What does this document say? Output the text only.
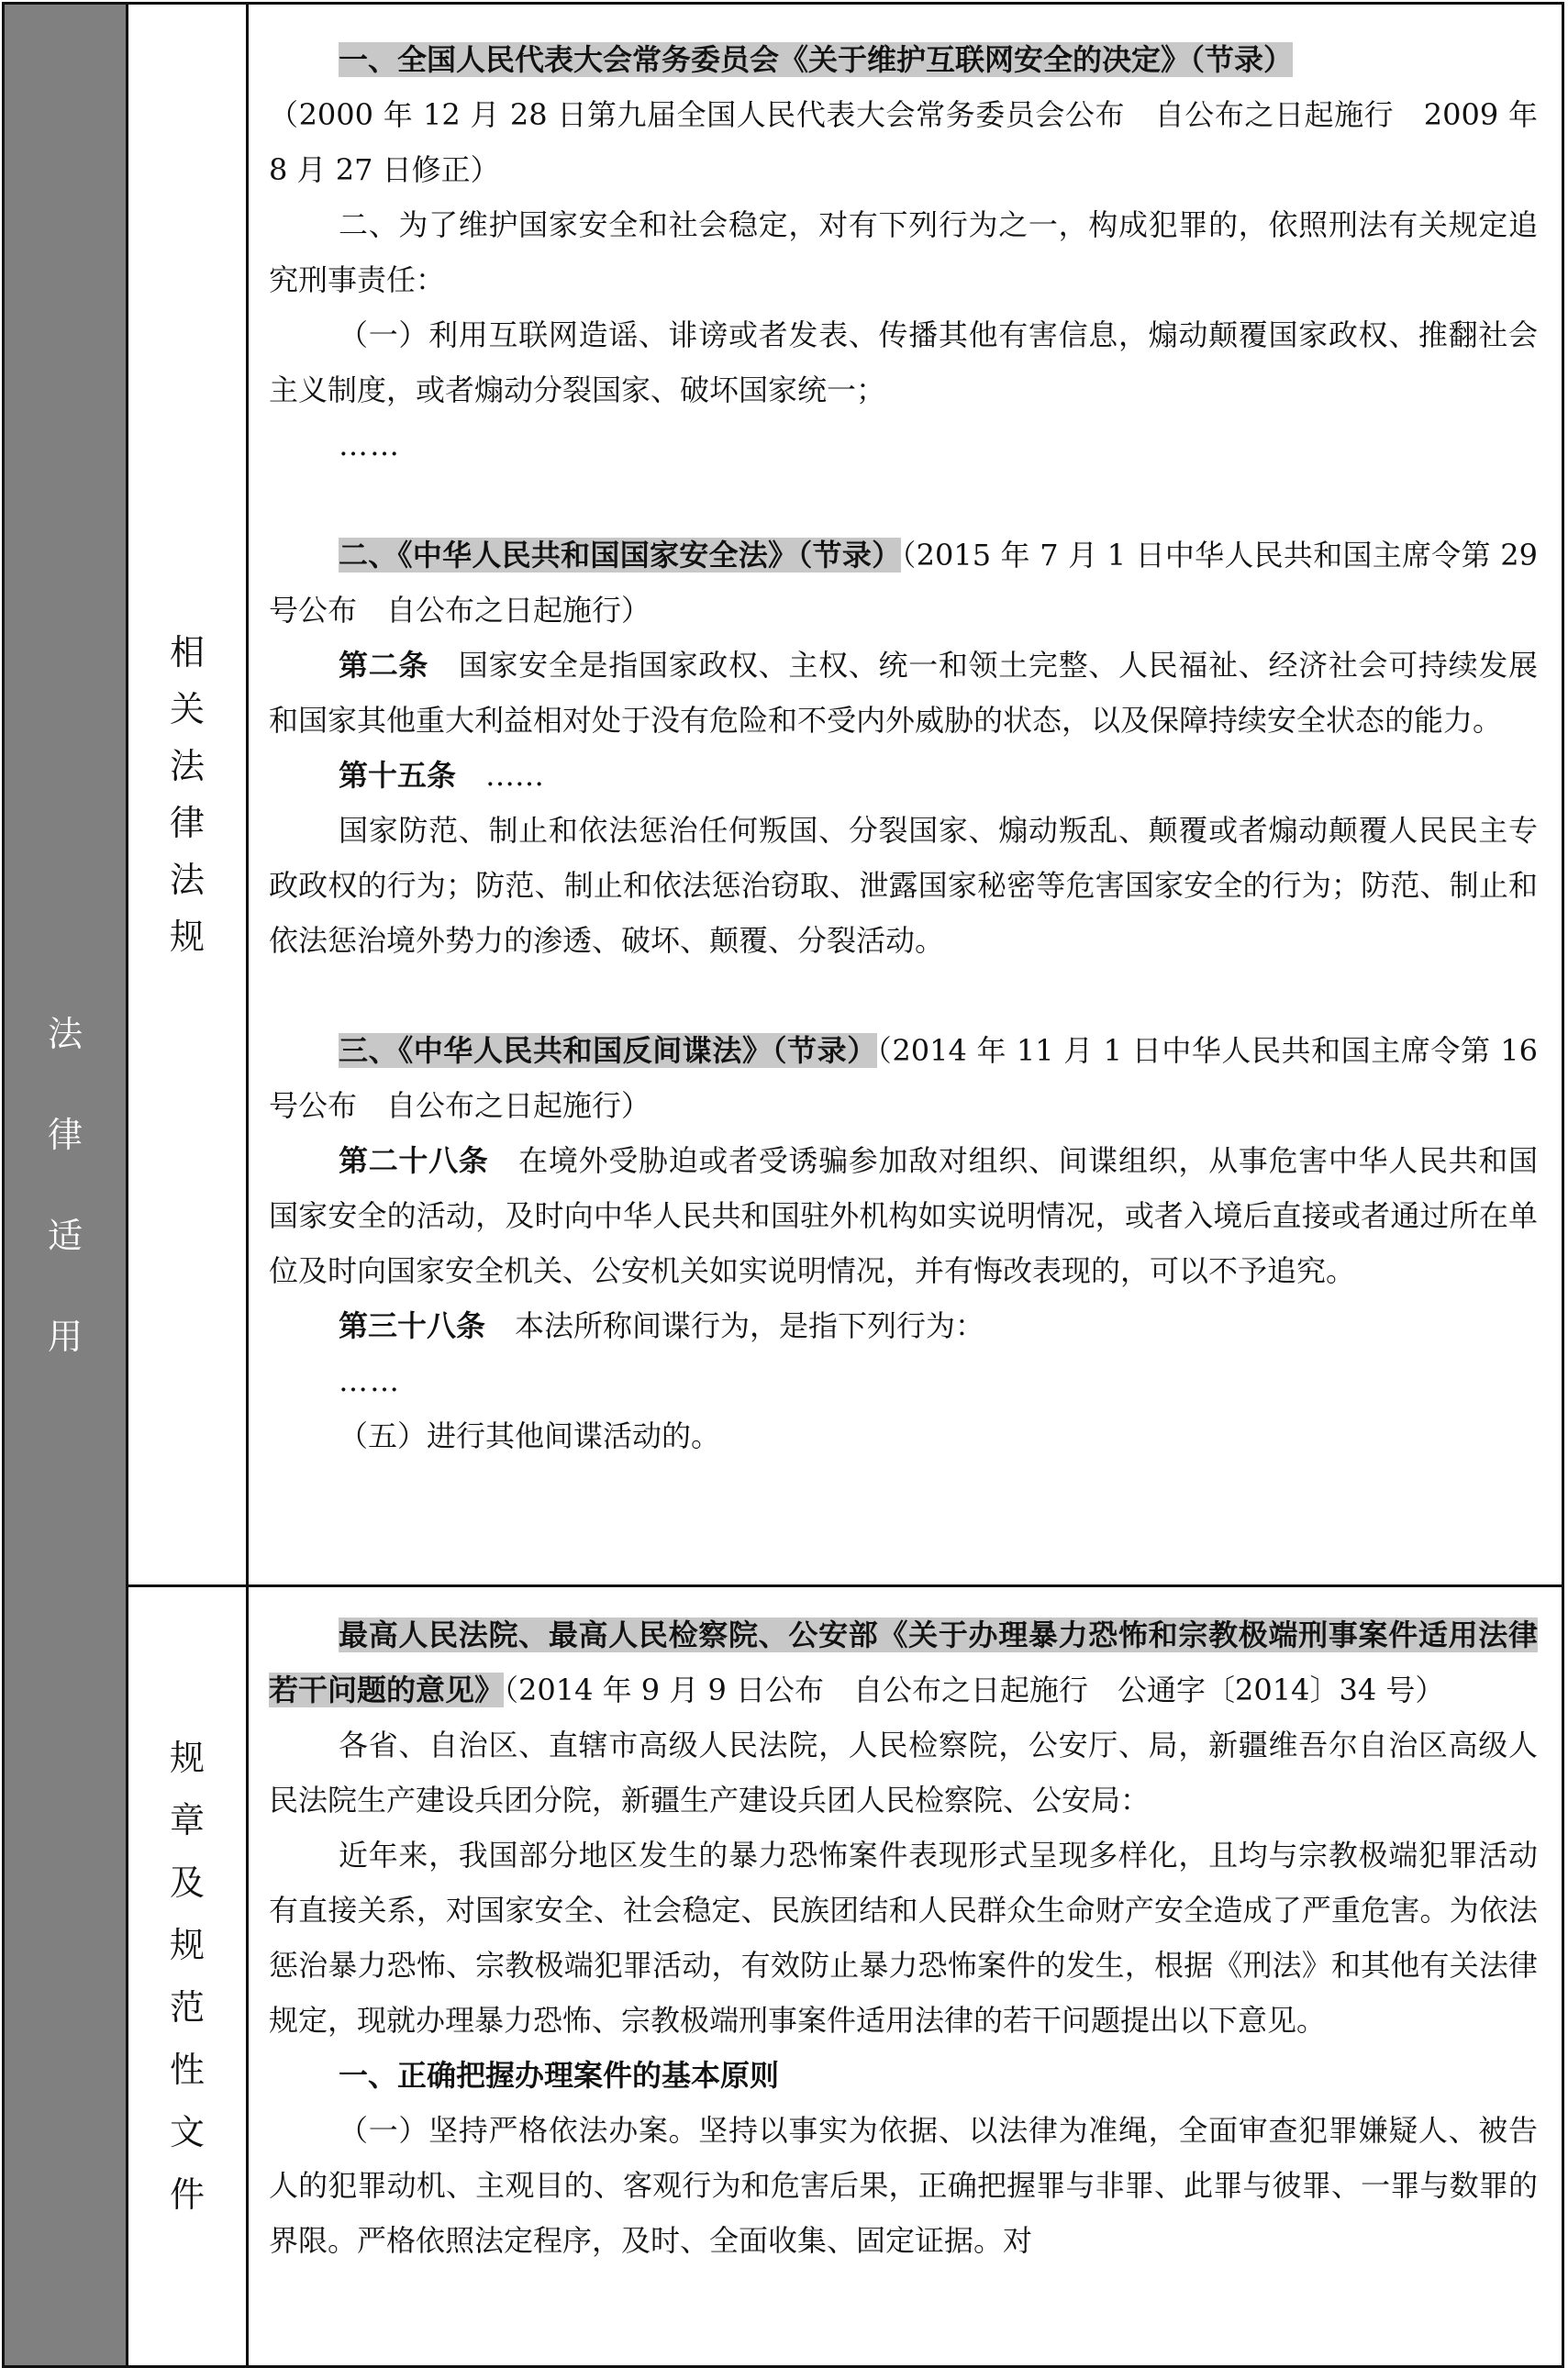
法
律
适
用
相
关
法
律
法
规

一、全国人民代表大会常务委员会《关于维护互联网安全的决定》（节录）

（2000 年 12 月 28 日第九届全国人民代表大会常务委员会公布　自公布之日起施行　2009 年 8 月 27 日修正）

二、为了维护国家安全和社会稳定，对有下列行为之一，构成犯罪的，依照刑法有关规定追究刑事责任：

（一）利用互联网造谣、诽谤或者发表、传播其他有害信息，煽动颠覆国家政权、推翻社会主义制度，或者煽动分裂国家、破坏国家统一；

……

二、《中华人民共和国国家安全法》（节录）（2015 年 7 月 1 日中华人民共和国主席令第 29 号公布　自公布之日起施行）

第二条　国家安全是指国家政权、主权、统一和领土完整、人民福祉、经济社会可持续发展和国家其他重大利益相对处于没有危险和不受内外威胁的状态，以及保障持续安全状态的能力。

第十五条　……

国家防范、制止和依法惩治任何叛国、分裂国家、煽动叛乱、颠覆或者煽动颠覆人民民主专政政权的行为；防范、制止和依法惩治窃取、泄露国家秘密等危害国家安全的行为；防范、制止和依法惩治境外势力的渗透、破坏、颠覆、分裂活动。

三、《中华人民共和国反间谍法》（节录）（2014 年 11 月 1 日中华人民共和国主席令第 16 号公布　自公布之日起施行）

第二十八条　在境外受胁迫或者受诱骗参加敌对组织、间谍组织，从事危害中华人民共和国国家安全的活动，及时向中华人民共和国驻外机构如实说明情况，或者入境后直接或者通过所在单位及时向国家安全机关、公安机关如实说明情况，并有悔改表现的，可以不予追究。

第三十八条　本法所称间谍行为，是指下列行为：

……

（五）进行其他间谍活动的。

规
章
及
规
范
性
文
件

最高人民法院、最高人民检察院、公安部《关于办理暴力恐怖和宗教极端刑事案件适用法律若干问题的意见》（2014 年 9 月 9 日公布　自公布之日起施行　公通字〔2014〕34 号）

各省、自治区、直辖市高级人民法院，人民检察院，公安厅、局，新疆维吾尔自治区高级人民法院生产建设兵团分院，新疆生产建设兵团人民检察院、公安局：

近年来，我国部分地区发生的暴力恐怖案件表现形式呈现多样化，且均与宗教极端犯罪活动有直接关系，对国家安全、社会稳定、民族团结和人民群众生命财产安全造成了严重危害。为依法惩治暴力恐怖、宗教极端犯罪活动，有效防止暴力恐怖案件的发生，根据《刑法》和其他有关法律规定，现就办理暴力恐怖、宗教极端刑事案件适用法律的若干问题提出以下意见。

一、正确把握办理案件的基本原则

（一）坚持严格依法办案。坚持以事实为依据、以法律为准绳，全面审查犯罪嫌疑人、被告人的犯罪动机、主观目的、客观行为和危害后果，正确把握罪与非罪、此罪与彼罪、一罪与数罪的界限。严格依照法定程序，及时、全面收集、固定证据。对
